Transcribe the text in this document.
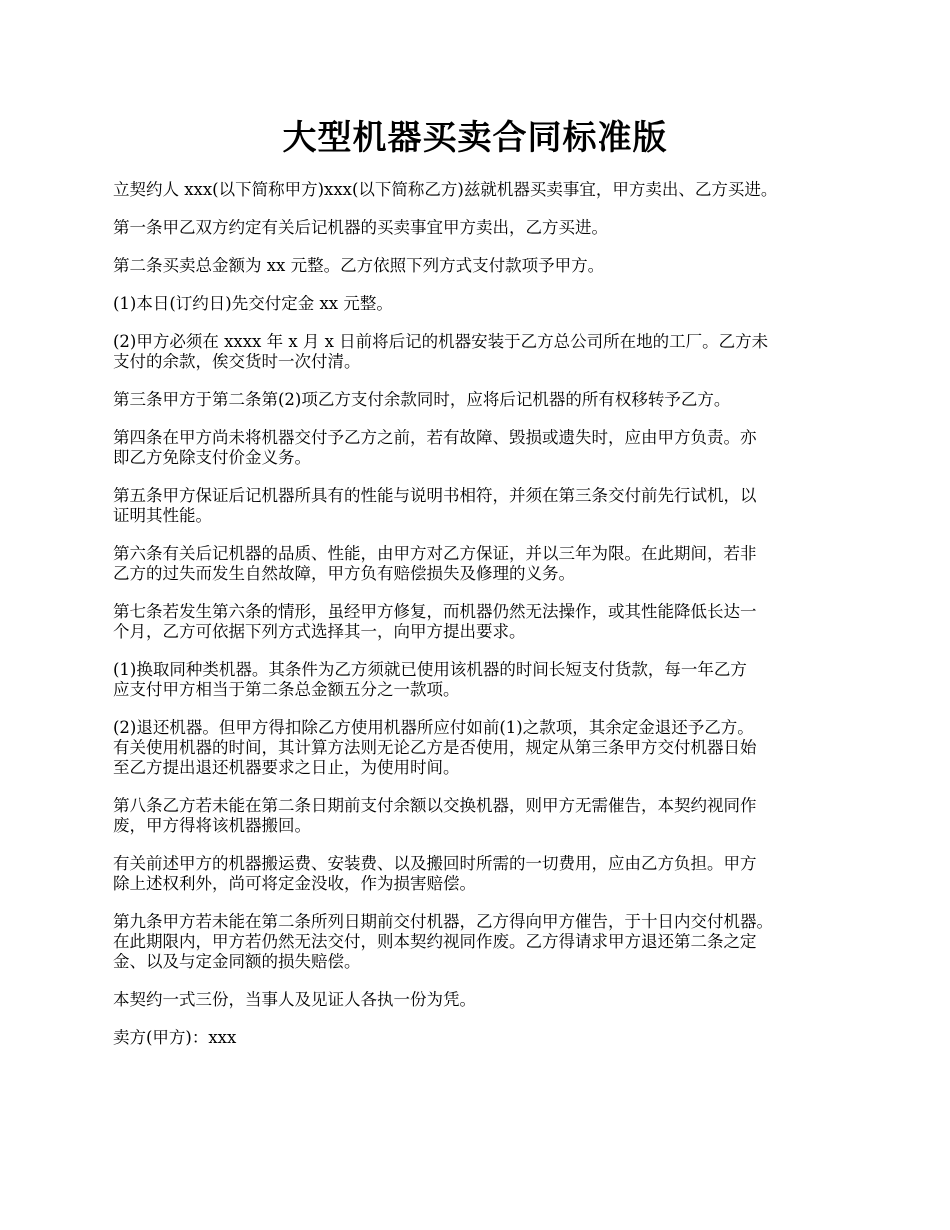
大型机器买卖合同标准版

立契约人 xxx(以下简称甲方)xxx(以下简称乙方)兹就机器买卖事宜，甲方卖出、乙方买进。

第一条甲乙双方约定有关后记机器的买卖事宜甲方卖出，乙方买进。

第二条买卖总金额为 xx 元整。乙方依照下列方式支付款项予甲方。

(1)本日(订约日)先交付定金 xx 元整。

(2)甲方必须在 xxxx 年 x 月 x 日前将后记的机器安装于乙方总公司所在地的工厂。乙方未
支付的余款，俟交货时一次付清。

第三条甲方于第二条第(2)项乙方支付余款同时，应将后记机器的所有权移转予乙方。

第四条在甲方尚未将机器交付予乙方之前，若有故障、毁损或遗失时，应由甲方负责。亦
即乙方免除支付价金义务。

第五条甲方保证后记机器所具有的性能与说明书相符，并须在第三条交付前先行试机，以
证明其性能。

第六条有关后记机器的品质、性能，由甲方对乙方保证，并以三年为限。在此期间，若非
乙方的过失而发生自然故障，甲方负有赔偿损失及修理的义务。

第七条若发生第六条的情形，虽经甲方修复，而机器仍然无法操作，或其性能降低长达一
个月，乙方可依据下列方式选择其一，向甲方提出要求。

(1)换取同种类机器。其条件为乙方须就已使用该机器的时间长短支付货款，每一年乙方
应支付甲方相当于第二条总金额五分之一款项。

(2)退还机器。但甲方得扣除乙方使用机器所应付如前(1)之款项，其余定金退还予乙方。
有关使用机器的时间，其计算方法则无论乙方是否使用，规定从第三条甲方交付机器日始
至乙方提出退还机器要求之日止，为使用时间。

第八条乙方若未能在第二条日期前支付余额以交换机器，则甲方无需催告，本契约视同作
废，甲方得将该机器搬回。

有关前述甲方的机器搬运费、安装费、以及搬回时所需的一切费用，应由乙方负担。甲方
除上述权利外，尚可将定金没收，作为损害赔偿。

第九条甲方若未能在第二条所列日期前交付机器，乙方得向甲方催告，于十日内交付机器。
在此期限内，甲方若仍然无法交付，则本契约视同作废。乙方得请求甲方退还第二条之定
金、以及与定金同额的损失赔偿。

本契约一式三份，当事人及见证人各执一份为凭。

卖方(甲方)：xxx
